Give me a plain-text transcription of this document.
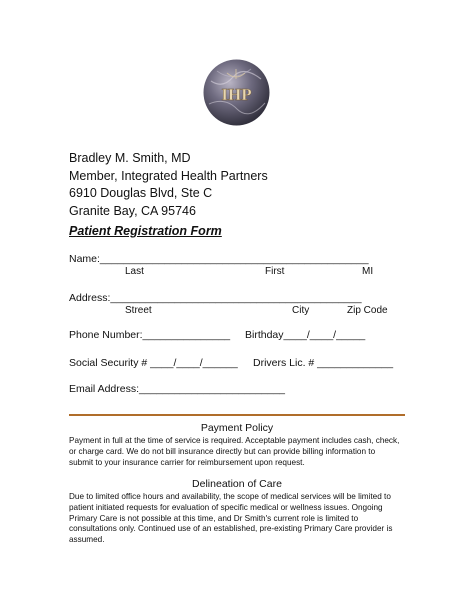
IHP
Bradley M. Smith, MD
Member, Integrated Health Partners
6910 Douglas Blvd, Ste C
Granite Bay, CA 95746
Patient Registration Form
Name:______________________________________________
Last	First	MI
Address:___________________________________________
Street	City	Zip Code
Phone Number:_______________ Birthday____/____/_____
Social Security # ____/____/______ Drivers Lic. # _____________
Email Address:_________________________
Payment Policy
Payment in full at the time of service is required. Acceptable payment includes cash, check,
or charge card. We do not bill insurance directly but can provide billing information to
submit to your insurance carrier for reimbursement upon request.
Delineation of Care
Due to limited office hours and availability, the scope of medical services will be limited to
patient initiated requests for evaluation of specific medical or wellness issues. Ongoing
Primary Care is not possible at this time, and Dr Smith's current role is limited to
consultations only. Continued use of an established, pre-existing Primary Care provider is
assumed.
